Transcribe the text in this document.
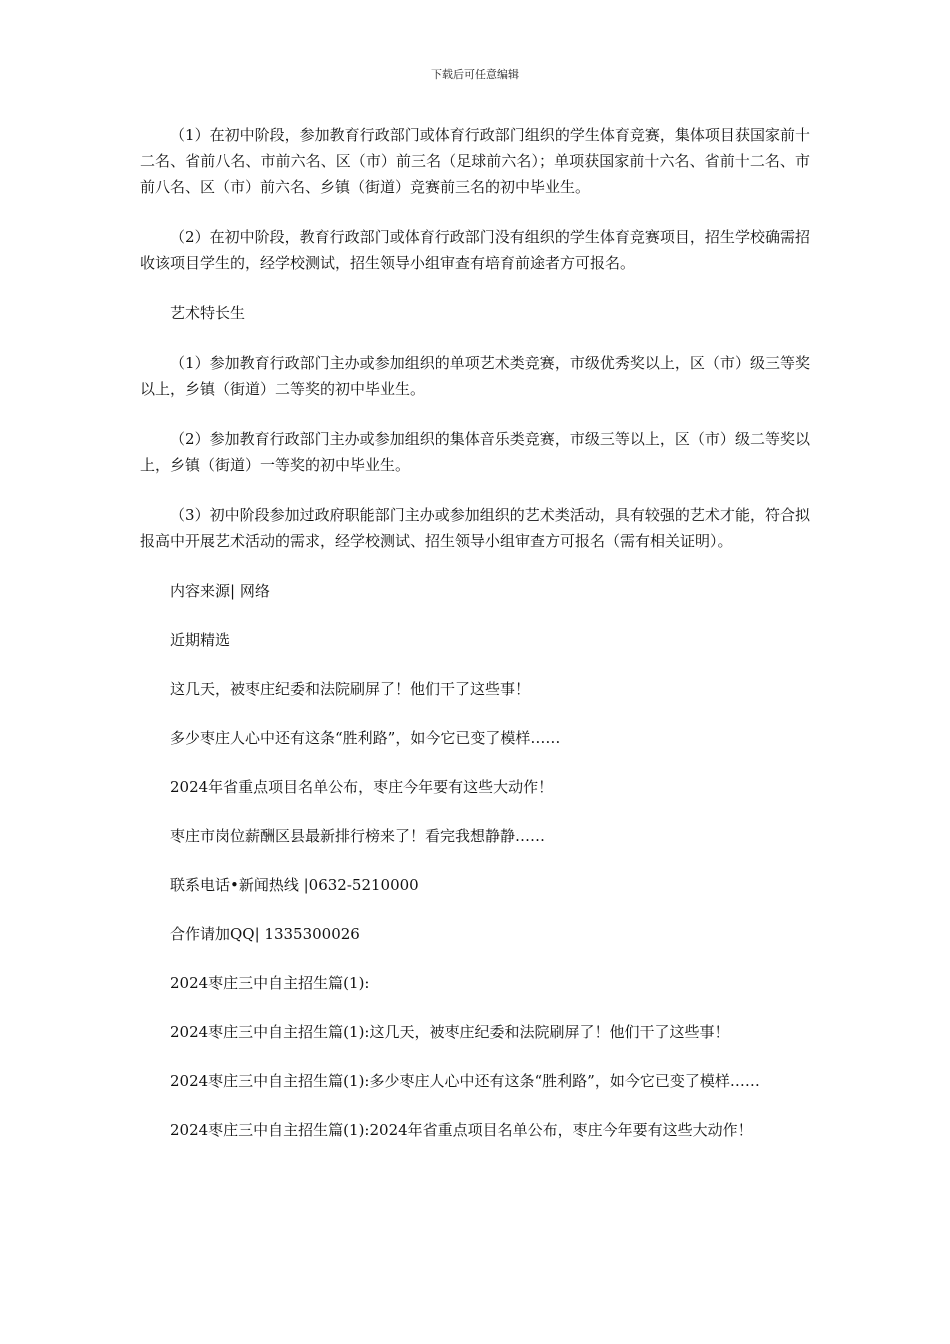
下载后可任意编辑

（1）在初中阶段，参加教育行政部门或体育行政部门组织的学生体育竞赛，集体项目获国家前十二名、省前八名、市前六名、区（市）前三名（足球前六名）；单项获国家前十六名、省前十二名、市前八名、区（市）前六名、乡镇（街道）竞赛前三名的初中毕业生。

（2）在初中阶段，教育行政部门或体育行政部门没有组织的学生体育竞赛项目，招生学校确需招收该项目学生的，经学校测试，招生领导小组审查有培育前途者方可报名。

艺术特长生

（1）参加教育行政部门主办或参加组织的单项艺术类竞赛，市级优秀奖以上，区（市）级三等奖以上，乡镇（街道）二等奖的初中毕业生。

（2）参加教育行政部门主办或参加组织的集体音乐类竞赛，市级三等以上，区（市）级二等奖以上，乡镇（街道）一等奖的初中毕业生。

（3）初中阶段参加过政府职能部门主办或参加组织的艺术类活动，具有较强的艺术才能，符合拟报高中开展艺术活动的需求，经学校测试、招生领导小组审查方可报名（需有相关证明）。

内容来源| 网络

近期精选

这几天，被枣庄纪委和法院刷屏了！他们干了这些事！

多少枣庄人心中还有这条“胜利路”，如今它已变了模样……

2024年省重点项目名单公布，枣庄今年要有这些大动作！

枣庄市岗位薪酬区县最新排行榜来了！看完我想静静……

联系电话•新闻热线 |0632-5210000

合作请加QQ| 1335300026

2024枣庄三中自主招生篇(1):

2024枣庄三中自主招生篇(1):这几天，被枣庄纪委和法院刷屏了！他们干了这些事！

2024枣庄三中自主招生篇(1):多少枣庄人心中还有这条“胜利路”，如今它已变了模样……

2024枣庄三中自主招生篇(1):2024年省重点项目名单公布，枣庄今年要有这些大动作！
